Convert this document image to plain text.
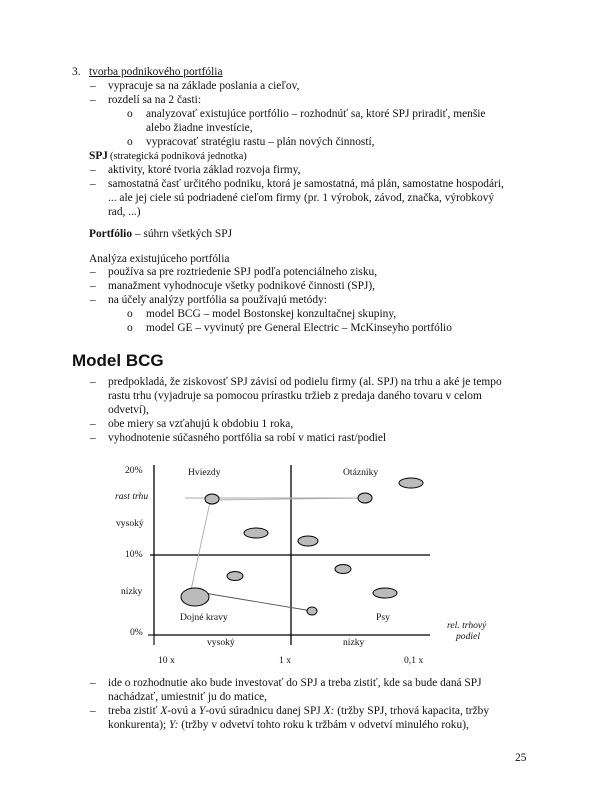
3. tvorba podnikového portfólia
– vypracuje sa na základe poslania a cieľov,
– rozdelí sa na 2 časti:
o analyzovať existujúce portfólio – rozhodnúť sa, ktoré SPJ priradiť, menšie
alebo žiadne investície,
o vypracovať stratégiu rastu – plán nových činností,
SPJ (strategická podniková jednotka)
– aktivity, ktoré tvoria základ rozvoja firmy,
– samostatná časť určitého podniku, ktorá je samostatná, má plán, samostatne hospodári,
... ale jej ciele sú podriadené cieľom firmy (pr. 1 výrobok, závod, značka, výrobkový
rad, ...)
Portfólio – súhrn všetkých SPJ
Analýza existujúceho portfólia
– používa sa pre roztriedenie SPJ podľa potenciálneho zisku,
– manažment vyhodnocuje všetky podnikové činnosti (SPJ),
– na účely analýzy portfólia sa používajú metódy:
o model BCG – model Bostonskej konzultačnej skupiny,
o model GE – vyvinutý pre General Electric – McKinseyho portfólio
Model BCG
– predpokladá, že ziskovosť SPJ závisí od podielu firmy (al. SPJ) na trhu a aké je tempo
rastu trhu (vyjadruje sa pomocou prírastku tržieb z predaja daného tovaru v celom
odvetví),
– obe miery sa vzťahujú k obdobiu 1 roka,
– vyhodnotenie súčasného portfólia sa robí v matici rast/podiel
20%
rast trhu
vysoký
10%
nízky
0%
Hviezdy	Otázniky
Dojné kravy	Psy
vysoký	nízky
10 x	1 x	0,1 x
rel. trhový
podiel
– ide o rozhodnutie ako bude investovať do SPJ a treba zistiť, kde sa bude daná SPJ
nachádzať, umiestniť ju do matice,
– treba zistiť X-ovú a Y-ovú súradnicu danej SPJ X: (tržby SPJ, trhová kapacita, tržby
konkurenta); Y: (tržby v odvetví tohto roku k tržbám v odvetví minulého roku),
25
